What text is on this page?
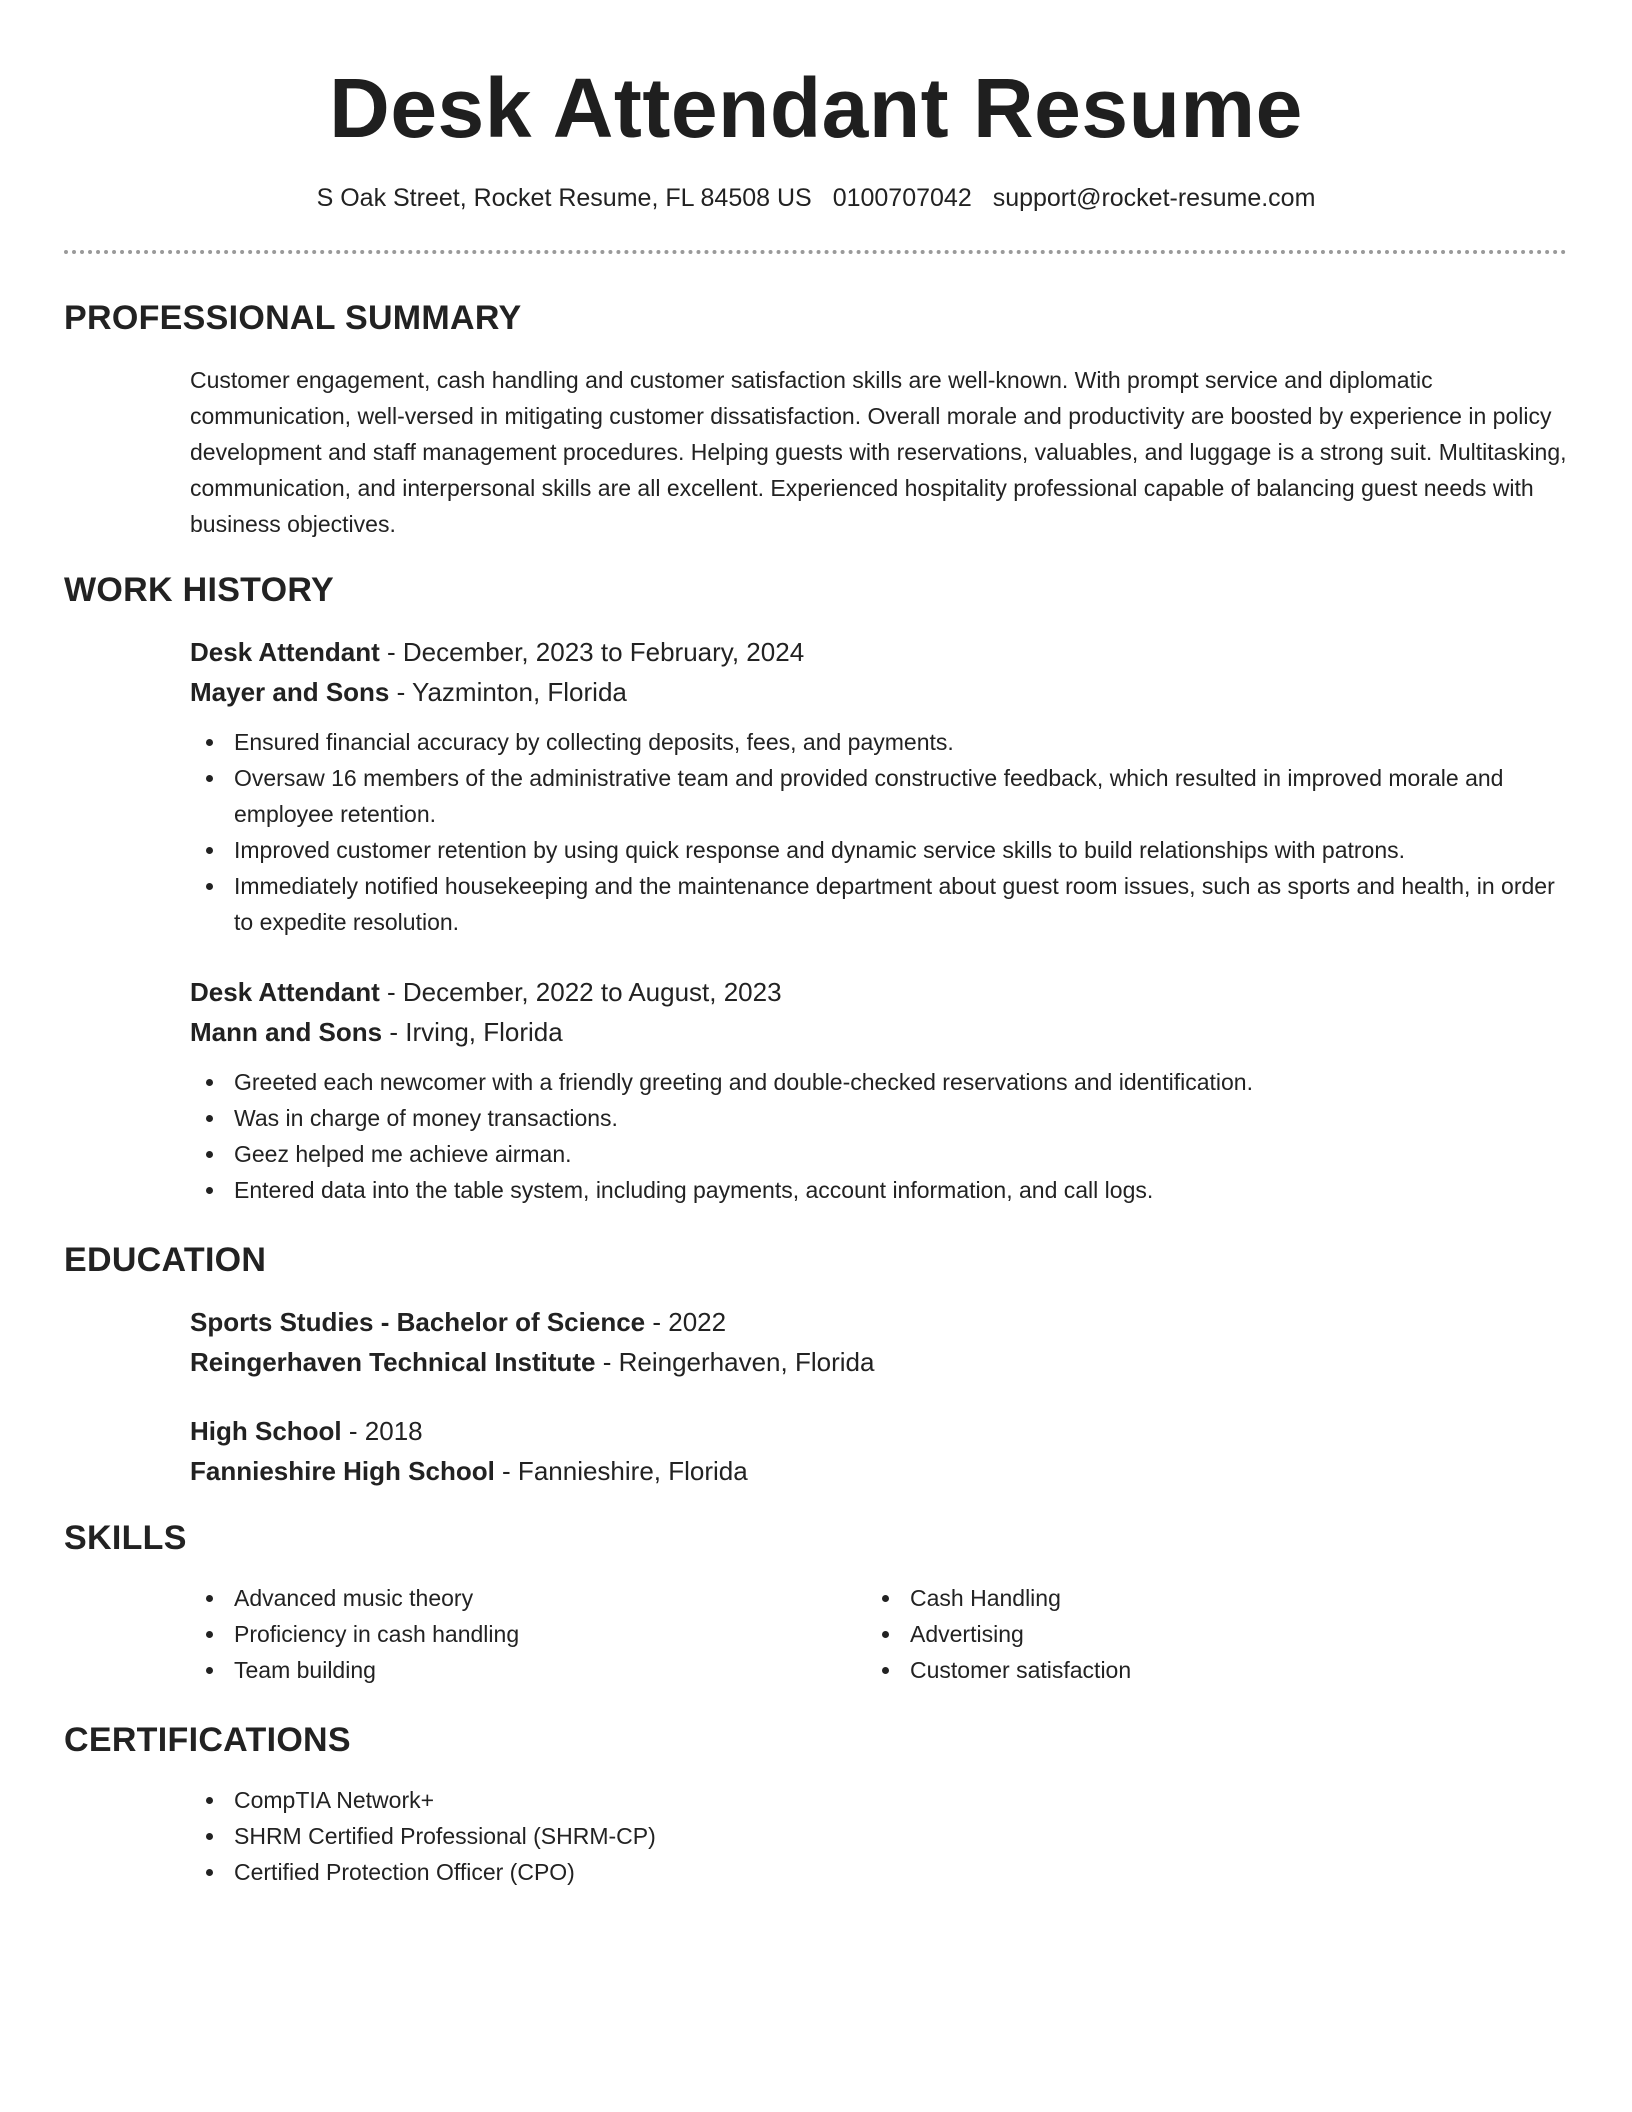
Desk Attendant Resume
S Oak Street, Rocket Resume, FL 84508 US 0100707042 support@rocket-resume.com
PROFESSIONAL SUMMARY
Customer engagement, cash handling and customer satisfaction skills are well-known. With prompt service and diplomatic communication, well-versed in mitigating customer dissatisfaction. Overall morale and productivity are boosted by experience in policy development and staff management procedures. Helping guests with reservations, valuables, and luggage is a strong suit. Multitasking, communication, and interpersonal skills are all excellent. Experienced hospitality professional capable of balancing guest needs with business objectives.
WORK HISTORY
Desk Attendant - December, 2023 to February, 2024
Mayer and Sons - Yazminton, Florida
Ensured financial accuracy by collecting deposits, fees, and payments.
Oversaw 16 members of the administrative team and provided constructive feedback, which resulted in improved morale and employee retention.
Improved customer retention by using quick response and dynamic service skills to build relationships with patrons.
Immediately notified housekeeping and the maintenance department about guest room issues, such as sports and health, in order to expedite resolution.
Desk Attendant - December, 2022 to August, 2023
Mann and Sons - Irving, Florida
Greeted each newcomer with a friendly greeting and double-checked reservations and identification.
Was in charge of money transactions.
Geez helped me achieve airman.
Entered data into the table system, including payments, account information, and call logs.
EDUCATION
Sports Studies - Bachelor of Science - 2022
Reingerhaven Technical Institute - Reingerhaven, Florida
High School - 2018
Fannieshire High School - Fannieshire, Florida
SKILLS
Advanced music theory
Proficiency in cash handling
Team building
Cash Handling
Advertising
Customer satisfaction
CERTIFICATIONS
CompTIA Network+
SHRM Certified Professional (SHRM-CP)
Certified Protection Officer (CPO)
